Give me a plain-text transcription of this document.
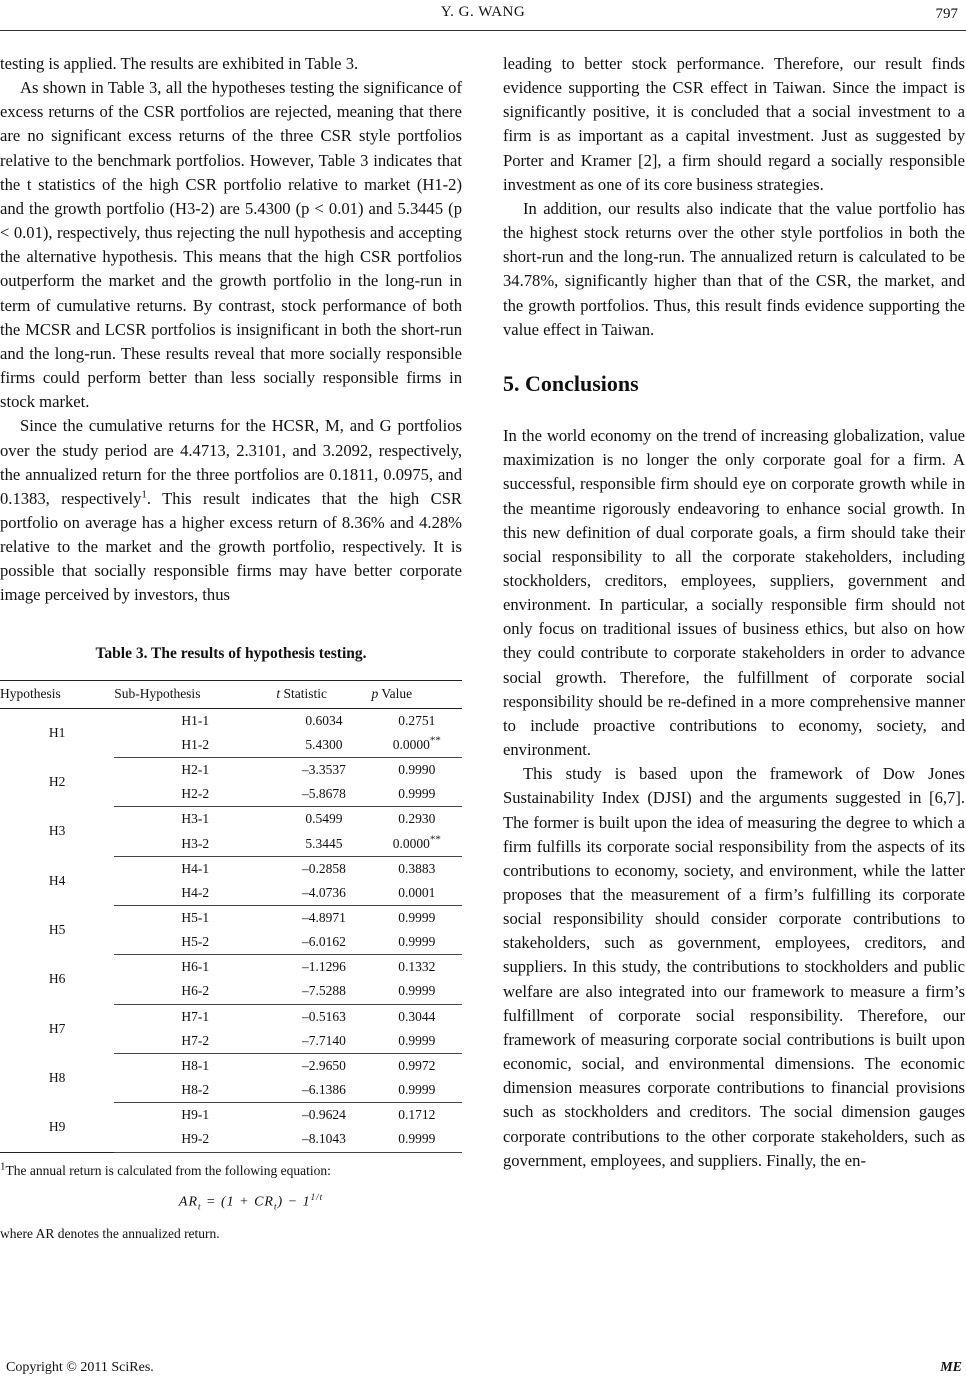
Y. G. WANG	797

testing is applied. The results are exhibited in Table 3.

As shown in Table 3, all the hypotheses testing the significance of excess returns of the CSR portfolios are rejected, meaning that there are no significant excess returns of the three CSR style portfolios relative to the benchmark portfolios. However, Table 3 indicates that the t statistics of the high CSR portfolio relative to market (H1-2) and the growth portfolio (H3-2) are 5.4300 (p < 0.01) and 5.3445 (p < 0.01), respectively, thus rejecting the null hypothesis and accepting the alternative hypothesis. This means that the high CSR portfolios outperform the market and the growth portfolio in the long-run in term of cumulative returns. By contrast, stock performance of both the MCSR and LCSR portfolios is insignificant in both the short-run and the long-run. These results reveal that more socially responsible firms could perform better than less socially responsible firms in stock market.

Since the cumulative returns for the HCSR, M, and G portfolios over the study period are 4.4713, 2.3101, and 3.2092, respectively, the annualized return for the three portfolios are 0.1811, 0.0975, and 0.1383, respectively$^1$. This result indicates that the high CSR portfolio on average has a higher excess return of 8.36% and 4.28% relative to the market and the growth portfolio, respectively. It is possible that socially responsible firms may have better corporate image perceived by investors, thus

Table 3. The results of hypothesis testing.
Hypothesis	Sub-Hypothesis	t Statistic	p Value
H1	H1-1	0.6034	0.2751
	H1-2	5.4300	0.0000**
H2	H2-1	–3.3537	0.9990
	H2-2	–5.8678	0.9999
H3	H3-1	0.5499	0.2930
	H3-2	5.3445	0.0000**
H4	H4-1	–0.2858	0.3883
	H4-2	–4.0736	0.0001
H5	H5-1	–4.8971	0.9999
	H5-2	–6.0162	0.9999
H6	H6-1	–1.1296	0.1332
	H6-2	–7.5288	0.9999
H7	H7-1	–0.5163	0.3044
	H7-2	–7.7140	0.9999
H8	H8-1	–2.9650	0.9972
	H8-2	–6.1386	0.9999
H9	H9-1	–0.9624	0.1712
	H9-2	–8.1043	0.9999
$^1$The annual return is calculated from the following equation:
$AR_t = (1 + CR_t) - 1^{1/t}$
where AR denotes the annualized return.

leading to better stock performance. Therefore, our result finds evidence supporting the CSR effect in Taiwan. Since the impact is significantly positive, it is concluded that a social investment to a firm is as important as a capital investment. Just as suggested by Porter and Kramer [2], a firm should regard a socially responsible investment as one of its core business strategies.

In addition, our results also indicate that the value portfolio has the highest stock returns over the other style portfolios in both the short-run and the long-run. The annualized return is calculated to be 34.78%, significantly higher than that of the CSR, the market, and the growth portfolios. Thus, this result finds evidence supporting the value effect in Taiwan.

5. Conclusions

In the world economy on the trend of increasing globalization, value maximization is no longer the only corporate goal for a firm. A successful, responsible firm should eye on corporate growth while in the meantime rigorously endeavoring to enhance social growth. In this new definition of dual corporate goals, a firm should take their social responsibility to all the corporate stakeholders, including stockholders, creditors, employees, suppliers, government and environment. In particular, a socially responsible firm should not only focus on traditional issues of business ethics, but also on how they could contribute to corporate stakeholders in order to advance social growth. Therefore, the fulfillment of corporate social responsibility should be re-defined in a more comprehensive manner to include proactive contributions to economy, society, and environment.

This study is based upon the framework of Dow Jones Sustainability Index (DJSI) and the arguments suggested in [6,7]. The former is built upon the idea of measuring the degree to which a firm fulfills its corporate social responsibility from the aspects of its contributions to economy, society, and environment, while the latter proposes that the measurement of a firm’s fulfilling its corporate social responsibility should consider corporate contributions to stakeholders, such as government, employees, creditors, and suppliers. In this study, the contributions to stockholders and public welfare are also integrated into our framework to measure a firm’s fulfillment of corporate social responsibility. Therefore, our framework of measuring corporate social contributions is built upon economic, social, and environmental dimensions. The economic dimension measures corporate contributions to financial provisions such as stockholders and creditors. The social dimension gauges corporate contributions to the other corporate stakeholders, such as government, employees, and suppliers. Finally, the en-

Copyright © 2011 SciRes.	ME
